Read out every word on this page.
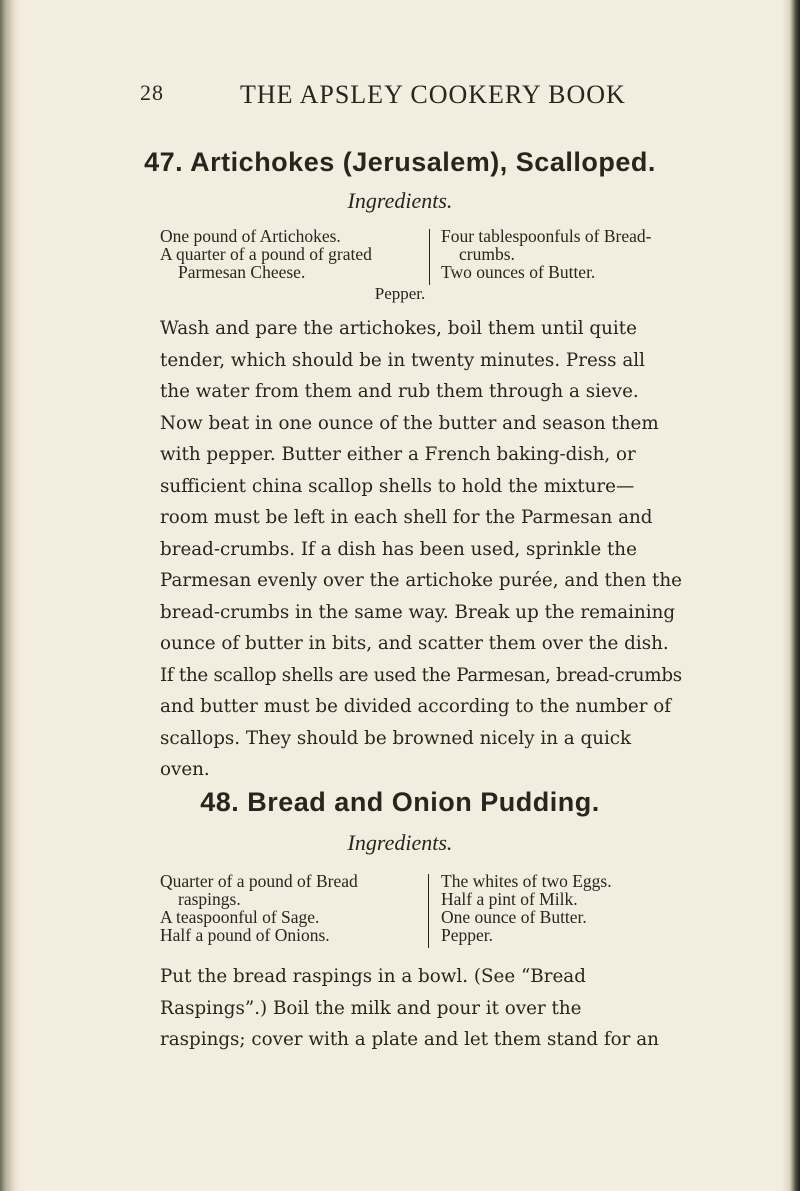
28	THE APSLEY COOKERY BOOK
47. Artichokes (Jerusalem), Scalloped.
Ingredients.
One pound of Artichokes.
A quarter of a pound of grated
Parmesan Cheese.
Four tablespoonfuls of Bread-
crumbs.
Two ounces of Butter.
Pepper.
Wash and pare the artichokes, boil them until quite
tender, which should be in twenty minutes. Press all
the water from them and rub them through a sieve.
Now beat in one ounce of the butter and season them
with pepper. Butter either a French baking-dish, or
sufficient china scallop shells to hold the mixture—
room must be left in each shell for the Parmesan and
bread-crumbs. If a dish has been used, sprinkle the
Parmesan evenly over the artichoke purée, and then the
bread-crumbs in the same way. Break up the remaining
ounce of butter in bits, and scatter them over the dish.
If the scallop shells are used the Parmesan, bread-crumbs
and butter must be divided according to the number of
scallops. They should be browned nicely in a quick
oven.
48. Bread and Onion Pudding.
Ingredients.
Quarter of a pound of Bread
raspings.
A teaspoonful of Sage.
Half a pound of Onions.
The whites of two Eggs.
Half a pint of Milk.
One ounce of Butter.
Pepper.
Put the bread raspings in a bowl. (See “Bread
Raspings”.) Boil the milk and pour it over the
raspings; cover with a plate and let them stand for an
